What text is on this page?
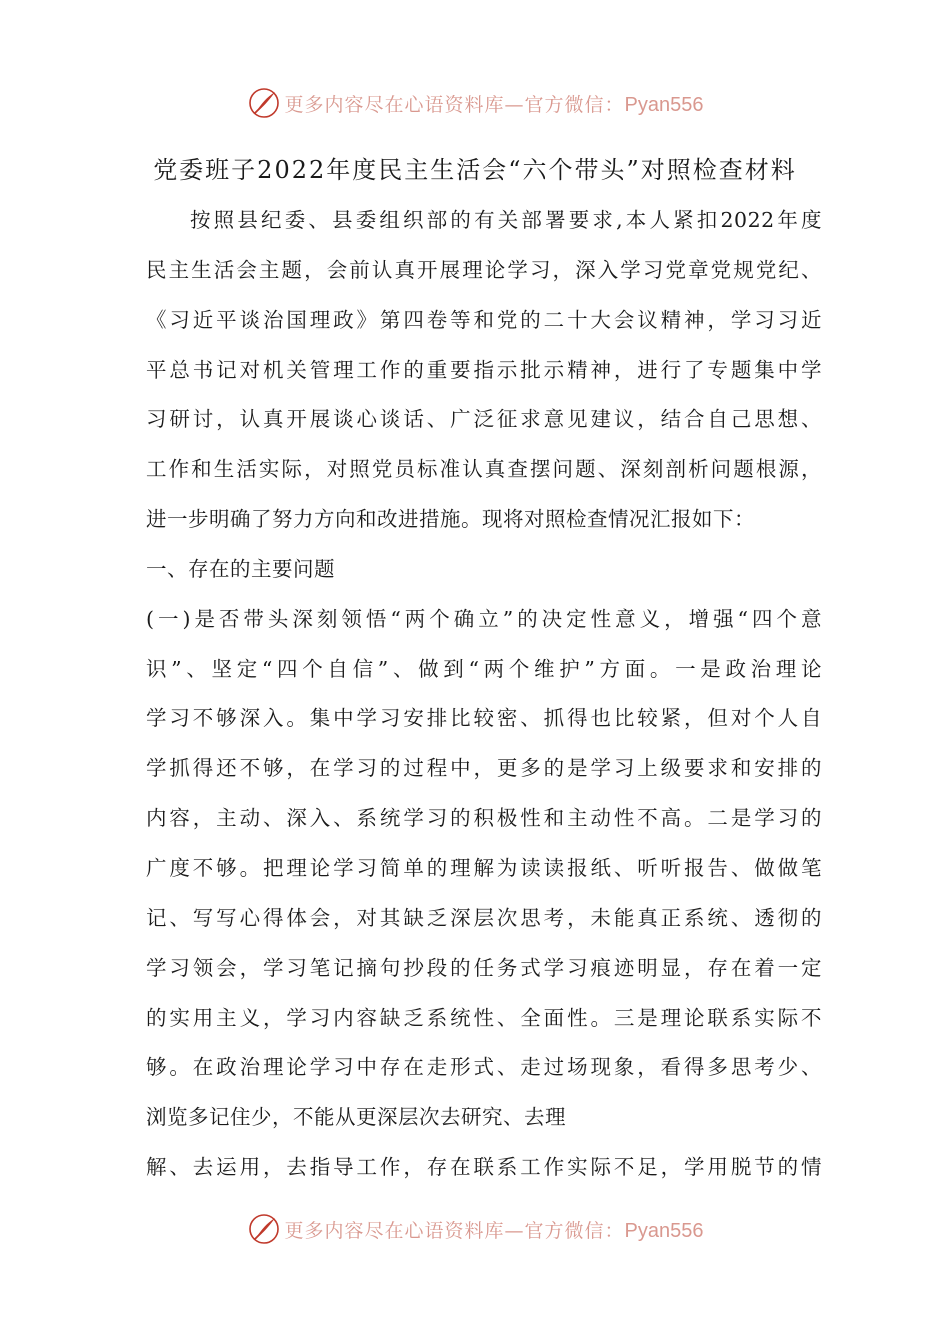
更多内容尽在心语资料库—官方微信：Pyan556
党委班子2022年度民主生活会“六个带头”对照检查材料
按照县纪委、县委组织部的有关部署要求,本人紧扣2022年度
民主生活会主题，会前认真开展理论学习，深入学习党章党规党纪、
《习近平谈治国理政》第四卷等和党的二十大会议精神，学习习近
平总书记对机关管理工作的重要指示批示精神，进行了专题集中学
习研讨，认真开展谈心谈话、广泛征求意见建议，结合自己思想、
工作和生活实际，对照党员标准认真查摆问题、深刻剖析问题根源，
进一步明确了努力方向和改进措施。现将对照检查情况汇报如下：
一、存在的主要问题
(一)是否带头深刻领悟“两个确立”的决定性意义，增强“四个意
识”、坚定“四个自信”、做到“两个维护”方面。一是政治理论
学习不够深入。集中学习安排比较密、抓得也比较紧，但对个人自
学抓得还不够，在学习的过程中，更多的是学习上级要求和安排的
内容，主动、深入、系统学习的积极性和主动性不高。二是学习的
广度不够。把理论学习简单的理解为读读报纸、听听报告、做做笔
记、写写心得体会，对其缺乏深层次思考，未能真正系统、透彻的
学习领会，学习笔记摘句抄段的任务式学习痕迹明显，存在着一定
的实用主义，学习内容缺乏系统性、全面性。三是理论联系实际不
够。在政治理论学习中存在走形式、走过场现象，看得多思考少、
浏览多记住少，不能从更深层次去研究、去理
解、去运用，去指导工作，存在联系工作实际不足，学用脱节的情
更多内容尽在心语资料库—官方微信：Pyan556
